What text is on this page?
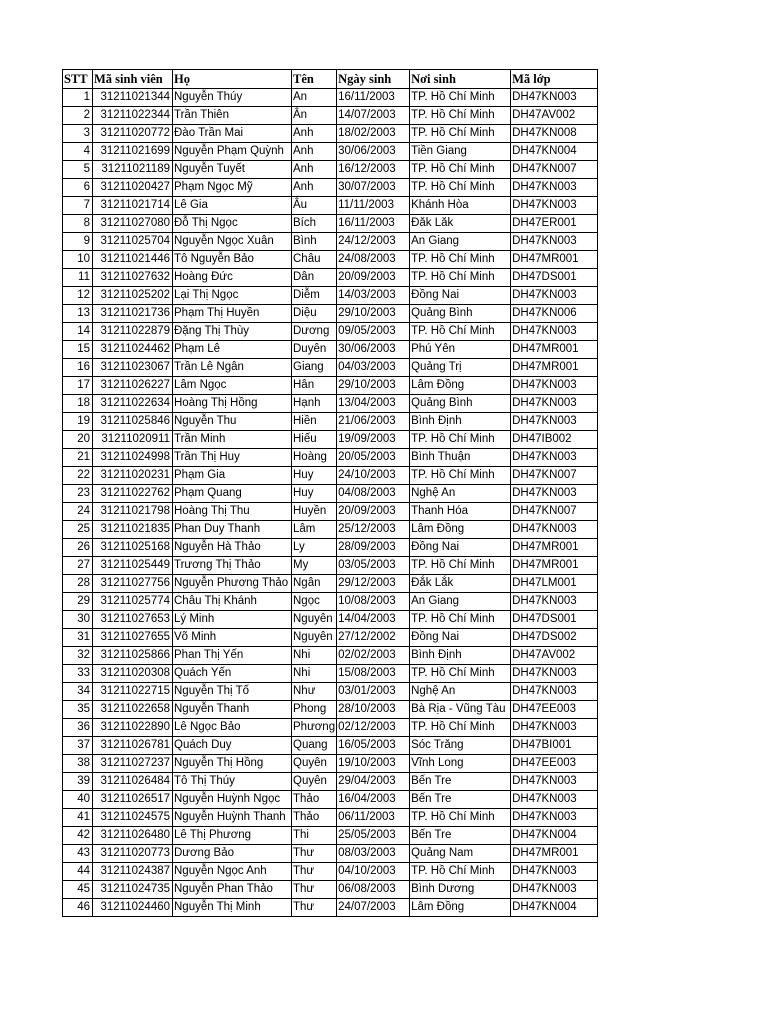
STT	Mã sinh viên	Họ	Tên	Ngày sinh	Nơi sinh	Mã lớp
1	31211021344	Nguyễn Thúy	An	16/11/2003	TP. Hồ Chí Minh	DH47KN003
2	31211022344	Trần Thiên	Ân	14/07/2003	TP. Hồ Chí Minh	DH47AV002
3	31211020772	Đào Trần Mai	Anh	18/02/2003	TP. Hồ Chí Minh	DH47KN008
4	31211021699	Nguyễn Phạm Quỳnh	Anh	30/06/2003	Tiền Giang	DH47KN004
5	31211021189	Nguyễn Tuyết	Anh	16/12/2003	TP. Hồ Chí Minh	DH47KN007
6	31211020427	Phạm Ngọc Mỹ	Anh	30/07/2003	TP. Hồ Chí Minh	DH47KN003
7	31211021714	Lê Gia	Âu	11/11/2003	Khánh Hòa	DH47KN003
8	31211027080	Đỗ Thị Ngọc	Bích	16/11/2003	Đăk Lăk	DH47ER001
9	31211025704	Nguyễn Ngọc Xuân	Bình	24/12/2003	An Giang	DH47KN003
10	31211021446	Tô Nguyễn Bảo	Châu	24/08/2003	TP. Hồ Chí Minh	DH47MR001
11	31211027632	Hoàng Đức	Dân	20/09/2003	TP. Hồ Chí Minh	DH47DS001
12	31211025202	Lại Thị Ngọc	Diễm	14/03/2003	Đồng Nai	DH47KN003
13	31211021736	Phạm Thị Huyền	Diệu	29/10/2003	Quảng Bình	DH47KN006
14	31211022879	Đặng Thị Thùy	Dương	09/05/2003	TP. Hồ Chí Minh	DH47KN003
15	31211024462	Phạm Lê	Duyên	30/06/2003	Phú Yên	DH47MR001
16	31211023067	Trần Lê Ngân	Giang	04/03/2003	Quảng Trị	DH47MR001
17	31211026227	Lâm Ngọc	Hân	29/10/2003	Lâm Đồng	DH47KN003
18	31211022634	Hoàng Thị Hồng	Hạnh	13/04/2003	Quảng Bình	DH47KN003
19	31211025846	Nguyễn Thu	Hiền	21/06/2003	Bình Định	DH47KN003
20	31211020911	Trần Minh	Hiếu	19/09/2003	TP. Hồ Chí Minh	DH47IB002
21	31211024998	Trần Thị Huy	Hoàng	20/05/2003	Bình Thuận	DH47KN003
22	31211020231	Phạm Gia	Huy	24/10/2003	TP. Hồ Chí Minh	DH47KN007
23	31211022762	Phạm Quang	Huy	04/08/2003	Nghệ An	DH47KN003
24	31211021798	Hoàng Thị Thu	Huyền	20/09/2003	Thanh Hóa	DH47KN007
25	31211021835	Phan Duy Thanh	Lâm	25/12/2003	Lâm Đồng	DH47KN003
26	31211025168	Nguyễn Hà Thảo	Ly	28/09/2003	Đồng Nai	DH47MR001
27	31211025449	Trương Thị Thảo	My	03/05/2003	TP. Hồ Chí Minh	DH47MR001
28	31211027756	Nguyễn Phương Thảo	Ngân	29/12/2003	Đắk Lắk	DH47LM001
29	31211025774	Châu Thị Khánh	Ngọc	10/08/2003	An Giang	DH47KN003
30	31211027653	Lý Minh	Nguyên	14/04/2003	TP. Hồ Chí Minh	DH47DS001
31	31211027655	Võ Minh	Nguyên	27/12/2002	Đồng Nai	DH47DS002
32	31211025866	Phan Thị Yến	Nhi	02/02/2003	Bình Định	DH47AV002
33	31211020308	Quách Yến	Nhi	15/08/2003	TP. Hồ Chí Minh	DH47KN003
34	31211022715	Nguyễn Thị Tố	Như	03/01/2003	Nghệ An	DH47KN003
35	31211022658	Nguyễn Thanh	Phong	28/10/2003	Bà Rịa - Vũng Tàu	DH47EE003
36	31211022890	Lê Ngọc Bảo	Phương	02/12/2003	TP. Hồ Chí Minh	DH47KN003
37	31211026781	Quách Duy	Quang	16/05/2003	Sóc Trăng	DH47BI001
38	31211027237	Nguyễn Thị Hồng	Quyên	19/10/2003	Vĩnh Long	DH47EE003
39	31211026484	Tô Thị Thúy	Quyên	29/04/2003	Bến Tre	DH47KN003
40	31211026517	Nguyễn Huỳnh Ngọc	Thảo	16/04/2003	Bến Tre	DH47KN003
41	31211024575	Nguyễn Huỳnh Thanh	Thảo	06/11/2003	TP. Hồ Chí Minh	DH47KN003
42	31211026480	Lê Thị Phương	Thi	25/05/2003	Bến Tre	DH47KN004
43	31211020773	Dương Bảo	Thư	08/03/2003	Quảng Nam	DH47MR001
44	31211024387	Nguyễn Ngọc Anh	Thư	04/10/2003	TP. Hồ Chí Minh	DH47KN003
45	31211024735	Nguyễn Phan Thảo	Thư	06/08/2003	Bình Dương	DH47KN003
46	31211024460	Nguyễn Thị Minh	Thư	24/07/2003	Lâm Đồng	DH47KN004
